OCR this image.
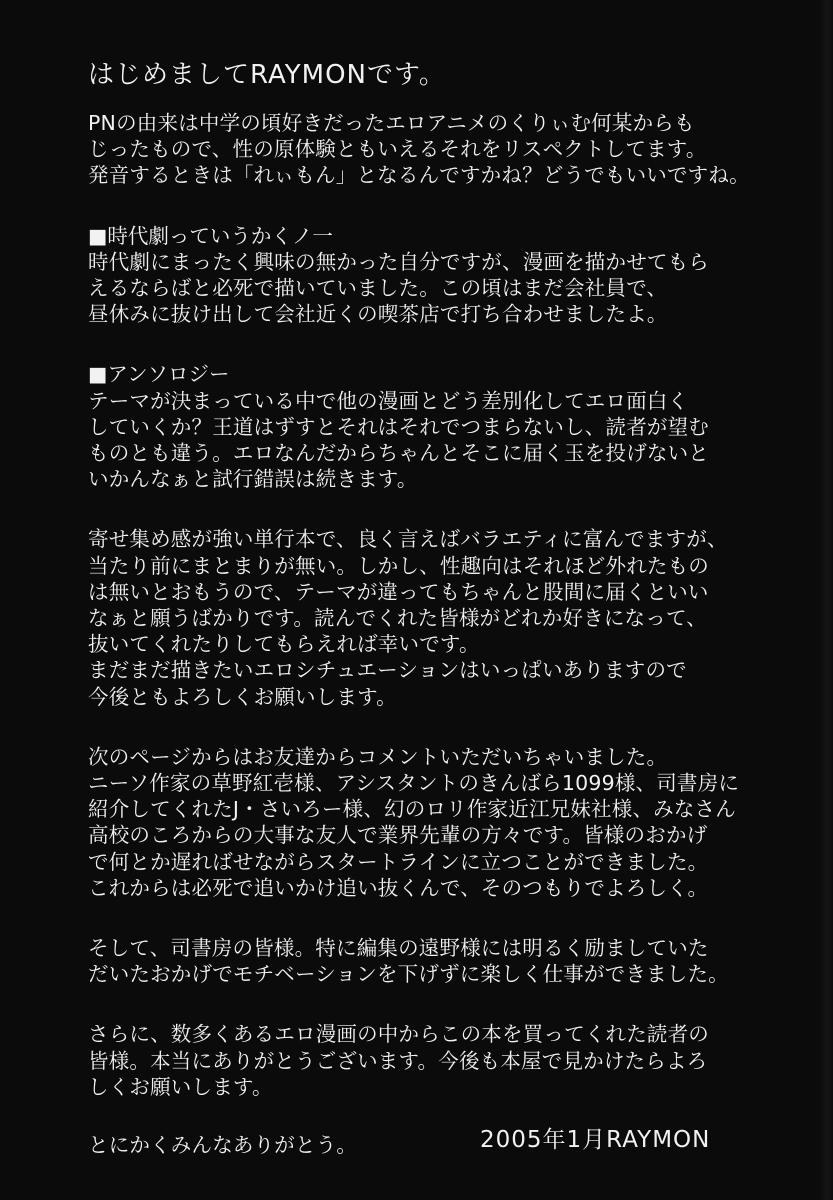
はじめましてRAYMONです。
PNの由来は中学の頃好きだったエロアニメのくりぃむ何某からも
じったもので、性の原体験ともいえるそれをリスペクトしてます。
発音するときは「れぃもん」となるんですかね？どうでもいいですね。
■時代劇っていうかくノ一
時代劇にまったく興味の無かった自分ですが、漫画を描かせてもら
えるならばと必死で描いていました。この頃はまだ会社員で、
昼休みに抜け出して会社近くの喫茶店で打ち合わせましたよ。
■アンソロジー
テーマが決まっている中で他の漫画とどう差別化してエロ面白く
していくか？王道はずすとそれはそれでつまらないし、読者が望む
ものとも違う。エロなんだからちゃんとそこに届く玉を投げないと
いかんなぁと試行錯誤は続きます。
寄せ集め感が強い単行本で、良く言えばバラエティに富んでますが、
当たり前にまとまりが無い。しかし、性趣向はそれほど外れたもの
は無いとおもうので、テーマが違ってもちゃんと股間に届くといい
なぁと願うばかりです。読んでくれた皆様がどれか好きになって、
抜いてくれたりしてもらえれば幸いです。
まだまだ描きたいエロシチュエーションはいっぱいありますので
今後ともよろしくお願いします。
次のページからはお友達からコメントいただいちゃいました。
ニーソ作家の草野紅壱様、アシスタントのきんばら1099様、司書房に
紹介してくれたJ・さいろー様、幻のロリ作家近江兄妹社様、みなさん
高校のころからの大事な友人で業界先輩の方々です。皆様のおかげ
で何とか遅ればせながらスタートラインに立つことができました。
これからは必死で追いかけ追い抜くんで、そのつもりでよろしく。
そして、司書房の皆様。特に編集の遠野様には明るく励ましていた
だいたおかげでモチベーションを下げずに楽しく仕事ができました。
さらに、数多くあるエロ漫画の中からこの本を買ってくれた読者の
皆様。本当にありがとうございます。今後も本屋で見かけたらよろ
しくお願いします。
とにかくみんなありがとう。	2005年1月RAYMON
